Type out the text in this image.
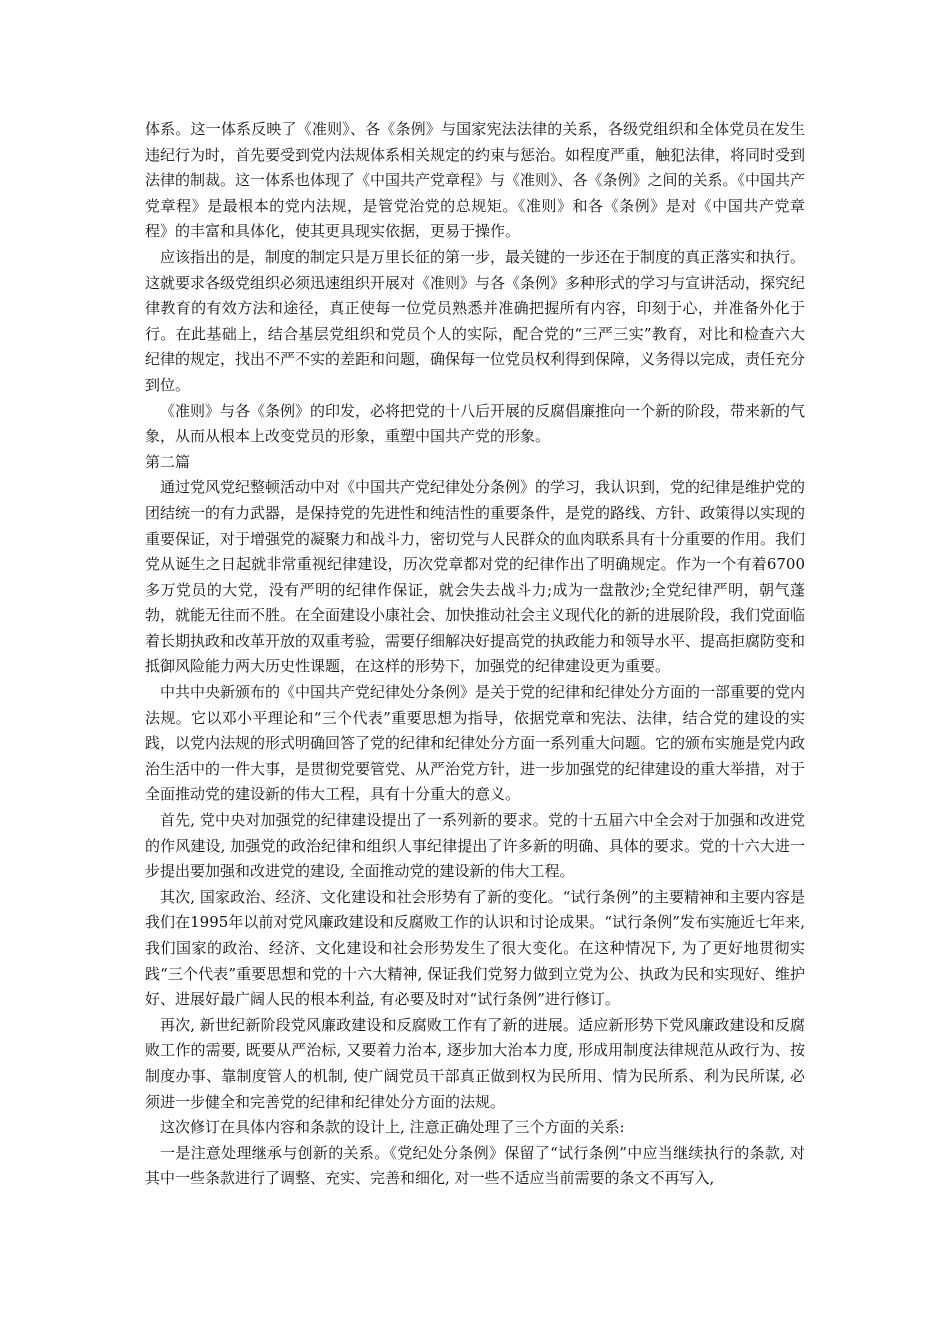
体系。这一体系反映了《准则》、各《条例》与国家宪法法律的关系，各级党组织和全体党员在发生违纪行为时，首先要受到党内法规体系相关规定的约束与惩治。如程度严重，触犯法律，将同时受到法律的制裁。这一体系也体现了《中国共产党章程》与《准则》、各《条例》之间的关系。《中国共产党章程》是最根本的党内法规，是管党治党的总规矩。《准则》和各《条例》是对《中国共产党章程》的丰富和具体化，使其更具现实依据，更易于操作。

应该指出的是，制度的制定只是万里长征的第一步，最关键的一步还在于制度的真正落实和执行。这就要求各级党组织必须迅速组织开展对《准则》与各《条例》多种形式的学习与宣讲活动，探究纪律教育的有效方法和途径，真正使每一位党员熟悉并准确把握所有内容，印刻于心，并准备外化于行。在此基础上，结合基层党组织和党员个人的实际，配合党的“三严三实”教育，对比和检查六大纪律的规定，找出不严不实的差距和问题，确保每一位党员权利得到保障，义务得以完成，责任充分到位。

《准则》与各《条例》的印发，必将把党的十八后开展的反腐倡廉推向一个新的阶段，带来新的气象，从而从根本上改变党员的形象，重塑中国共产党的形象。

第二篇

通过党风党纪整顿活动中对《中国共产党纪律处分条例》的学习，我认识到，党的纪律是维护党的团结统一的有力武器，是保持党的先进性和纯洁性的重要条件，是党的路线、方针、政策得以实现的重要保证，对于增强党的凝聚力和战斗力，密切党与人民群众的血肉联系具有十分重要的作用。我们党从诞生之日起就非常重视纪律建设，历次党章都对党的纪律作出了明确规定。作为一个有着6700多万党员的大党，没有严明的纪律作保证，就会失去战斗力;成为一盘散沙;全党纪律严明，朝气蓬勃，就能无往而不胜。在全面建设小康社会、加快推动社会主义现代化的新的进展阶段，我们党面临着长期执政和改革开放的双重考验，需要仔细解决好提高党的执政能力和领导水平、提高拒腐防变和抵御风险能力两大历史性课题，在这样的形势下，加强党的纪律建设更为重要。

中共中央新颁布的《中国共产党纪律处分条例》是关于党的纪律和纪律处分方面的一部重要的党内法规。它以邓小平理论和“三个代表”重要思想为指导，依据党章和宪法、法律，结合党的建设的实践，以党内法规的形式明确回答了党的纪律和纪律处分方面一系列重大问题。它的颁布实施是党内政治生活中的一件大事，是贯彻党要管党、从严治党方针，进一步加强党的纪律建设的重大举措，对于全面推动党的建设新的伟大工程，具有十分重大的意义。

首先, 党中央对加强党的纪律建设提出了一系列新的要求。党的十五届六中全会对于加强和改进党的作风建设, 加强党的政治纪律和组织人事纪律提出了许多新的明确、具体的要求。党的十六大进一步提出要加强和改进党的建设, 全面推动党的建设新的伟大工程。

其次, 国家政治、经济、文化建设和社会形势有了新的变化。“试行条例”的主要精神和主要内容是我们在1995年以前对党风廉政建设和反腐败工作的认识和讨论成果。“试行条例”发布实施近七年来, 我们国家的政治、经济、文化建设和社会形势发生了很大变化。在这种情况下, 为了更好地贯彻实践“三个代表”重要思想和党的十六大精神, 保证我们党努力做到立党为公、执政为民和实现好、维护好、进展好最广阔人民的根本利益, 有必要及时对“试行条例”进行修订。

再次, 新世纪新阶段党风廉政建设和反腐败工作有了新的进展。适应新形势下党风廉政建设和反腐败工作的需要, 既要从严治标, 又要着力治本, 逐步加大治本力度, 形成用制度法律规范从政行为、按制度办事、靠制度管人的机制, 使广阔党员干部真正做到权为民所用、情为民所系、利为民所谋, 必须进一步健全和完善党的纪律和纪律处分方面的法规。

这次修订在具体内容和条款的设计上, 注意正确处理了三个方面的关系:

一是注意处理继承与创新的关系。《党纪处分条例》保留了“试行条例”中应当继续执行的条款, 对其中一些条款进行了调整、充实、完善和细化, 对一些不适应当前需要的条文不再写入,
